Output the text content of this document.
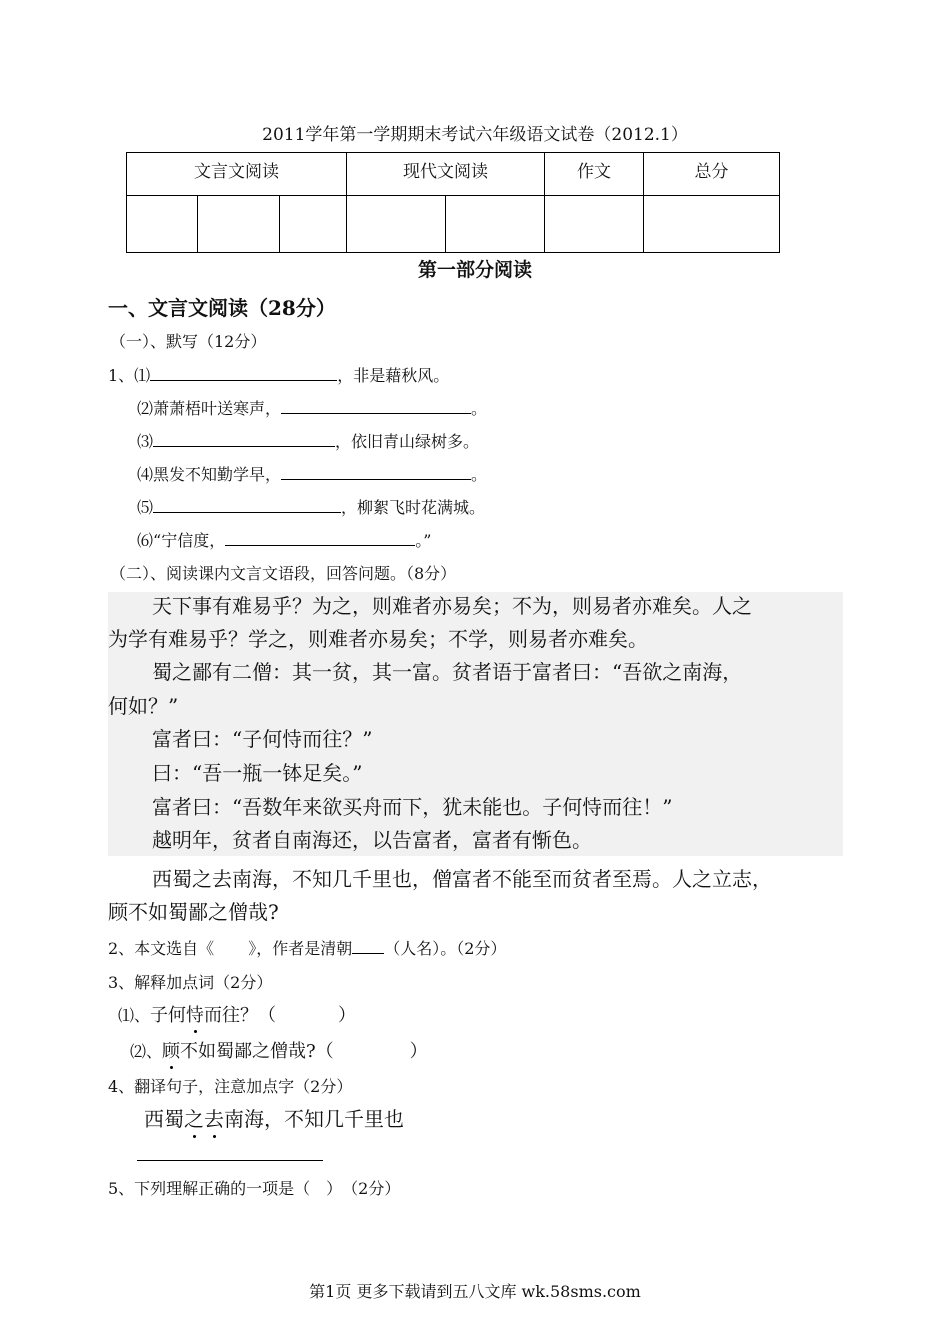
2011学年第一学期期末考试六年级语文试卷（2012.1）
文言文阅读			现代文阅读		作文	总分

第一部分阅读
一、文言文阅读（28分）
（一）、默写（12分）
1、⑴	，非是藉秋风。
⑵萧萧梧叶送寒声，	。
⑶	，依旧青山绿树多。
⑷黑发不知勤学早，	。
⑸	，柳絮飞时花满城。
⑹“宁信度，	。”
（二）、阅读课内文言文语段，回答问题。（8分）
天下事有难易乎？为之，则难者亦易矣；不为，则易者亦难矣。人之
为学有难易乎？学之，则难者亦易矣；不学，则易者亦难矣。
蜀之鄙有二僧：其一贫，其一富。贫者语于富者曰：“吾欲之南海，
何如？”
富者曰：“子何恃而往？”
曰：“吾一瓶一钵足矣。”
富者曰：“吾数年来欲买舟而下，犹未能也。子何恃而往！”
越明年，贫者自南海还，以告富者，富者有惭色。
西蜀之去南海，不知几千里也，僧富者不能至而贫者至焉。人之立志，
顾不如蜀鄙之僧哉?
2、本文选自《 》，作者是清朝 （人名）。（2分）
3、解释加点词（2分）
⑴、子何恃而往？（	）
⑵、顾不如蜀鄙之僧哉?（	）
4、翻译句子，注意加点字（2分）
西蜀之去南海，不知几千里也
5、下列理解正确的一项是（　）　（2分）
第1页 更多下载请到五八文库 wk.58sms.com
